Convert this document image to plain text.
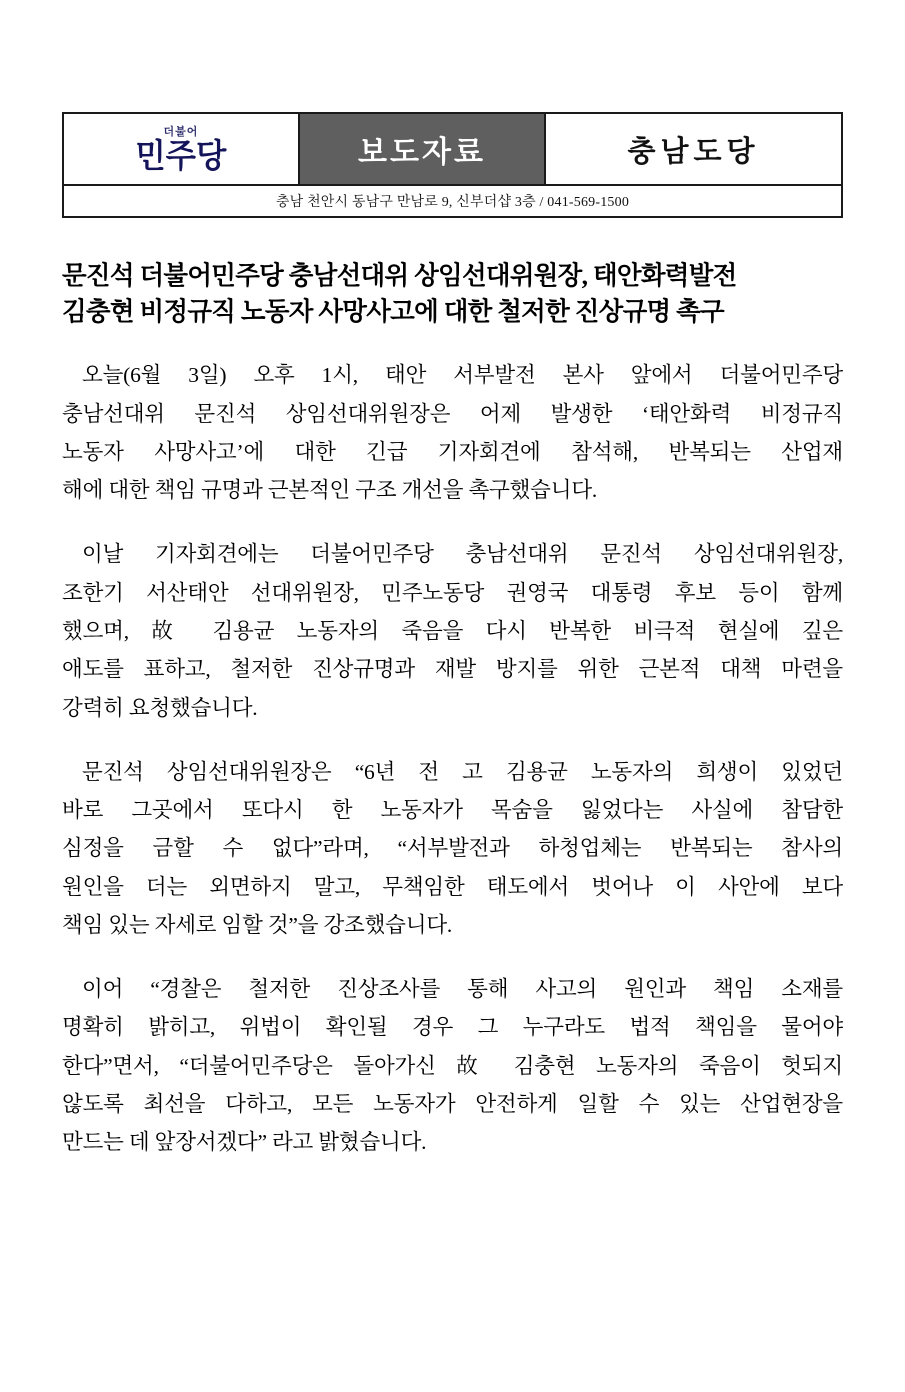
더불어
민주당	보도자료	충남도당
충남 천안시 동남구 만남로 9, 신부더샵 3층 / 041-569-1500
문진석 더불어민주당 충남선대위 상임선대위원장, 태안화력발전
김충현 비정규직 노동자 사망사고에 대한 철저한 진상규명 촉구

오늘(6월 3일) 오후 1시, 태안 서부발전 본사 앞에서 더불어민주당
충남선대위 문진석 상임선대위원장은 어제 발생한 ‘태안화력 비정규직
노동자 사망사고’에 대한 긴급 기자회견에 참석해, 반복되는 산업재
해에 대한 책임 규명과 근본적인 구조 개선을 촉구했습니다.

이날 기자회견에는 더불어민주당 충남선대위 문진석 상임선대위원장,
조한기 서산태안 선대위원장, 민주노동당 권영국 대통령 후보 등이 함께
했으며, 故 김용균 노동자의 죽음을 다시 반복한 비극적 현실에 깊은
애도를 표하고, 철저한 진상규명과 재발 방지를 위한 근본적 대책 마련을
강력히 요청했습니다.

문진석 상임선대위원장은 “6년 전 고 김용균 노동자의 희생이 있었던
바로 그곳에서 또다시 한 노동자가 목숨을 잃었다는 사실에 참담한
심정을 금할 수 없다”라며, “서부발전과 하청업체는 반복되는 참사의
원인을 더는 외면하지 말고, 무책임한 태도에서 벗어나 이 사안에 보다
책임 있는 자세로 임할 것”을 강조했습니다.

이어 “경찰은 철저한 진상조사를 통해 사고의 원인과 책임 소재를
명확히 밝히고, 위법이 확인될 경우 그 누구라도 법적 책임을 물어야
한다”면서, “더불어민주당은 돌아가신 故 김충현 노동자의 죽음이 헛되지
않도록 최선을 다하고, 모든 노동자가 안전하게 일할 수 있는 산업현장을
만드는 데 앞장서겠다” 라고 밝혔습니다.
